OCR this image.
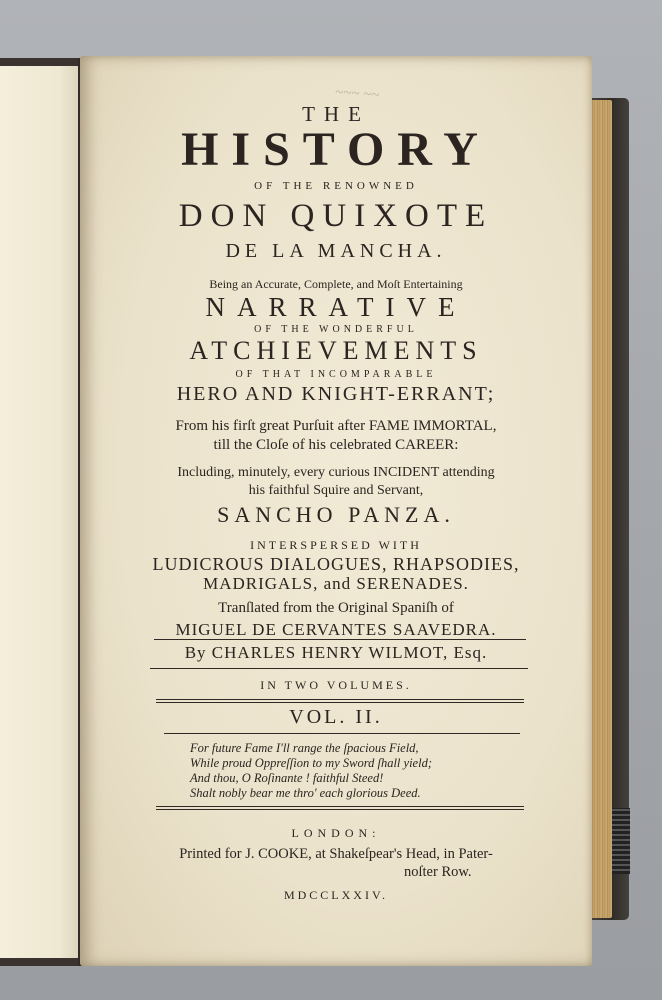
~~~ ~~
THE
HISTORY
OF THE RENOWNED
DON QUIXOTE
DE LA MANCHA.
Being an Accurate, Complete, and Moſt Entertaining
NARRATIVE
OF THE WONDERFUL
ATCHIEVEMENTS
OF THAT INCOMPARABLE
HERO AND KNIGHT-ERRANT;
From his firſt great Purſuit after FAME IMMORTAL,
till the Cloſe of his celebrated CAREER:
Including, minutely, every curious INCIDENT attending
his faithful Squire and Servant,
SANCHO PANZA.
INTERSPERSED WITH
LUDICROUS DIALOGUES, RHAPSODIES,
MADRIGALS, and SERENADES.
Tranſlated from the Original Spaniſh of
MIGUEL DE CERVANTES SAAVEDRA.
By CHARLES HENRY WILMOT, Esq.
IN TWO VOLUMES.
VOL. II.
For future Fame I'll range the ſpacious Field,
While proud Oppreſſion to my Sword ſhall yield;
And thou, O Roſinante ! faithful Steed!
Shalt nobly bear me thro' each glorious Deed.
LONDON:
Printed for J. COOKE, at Shakeſpear's Head, in Pater-
noſter Row.
MDCCLXXIV.
